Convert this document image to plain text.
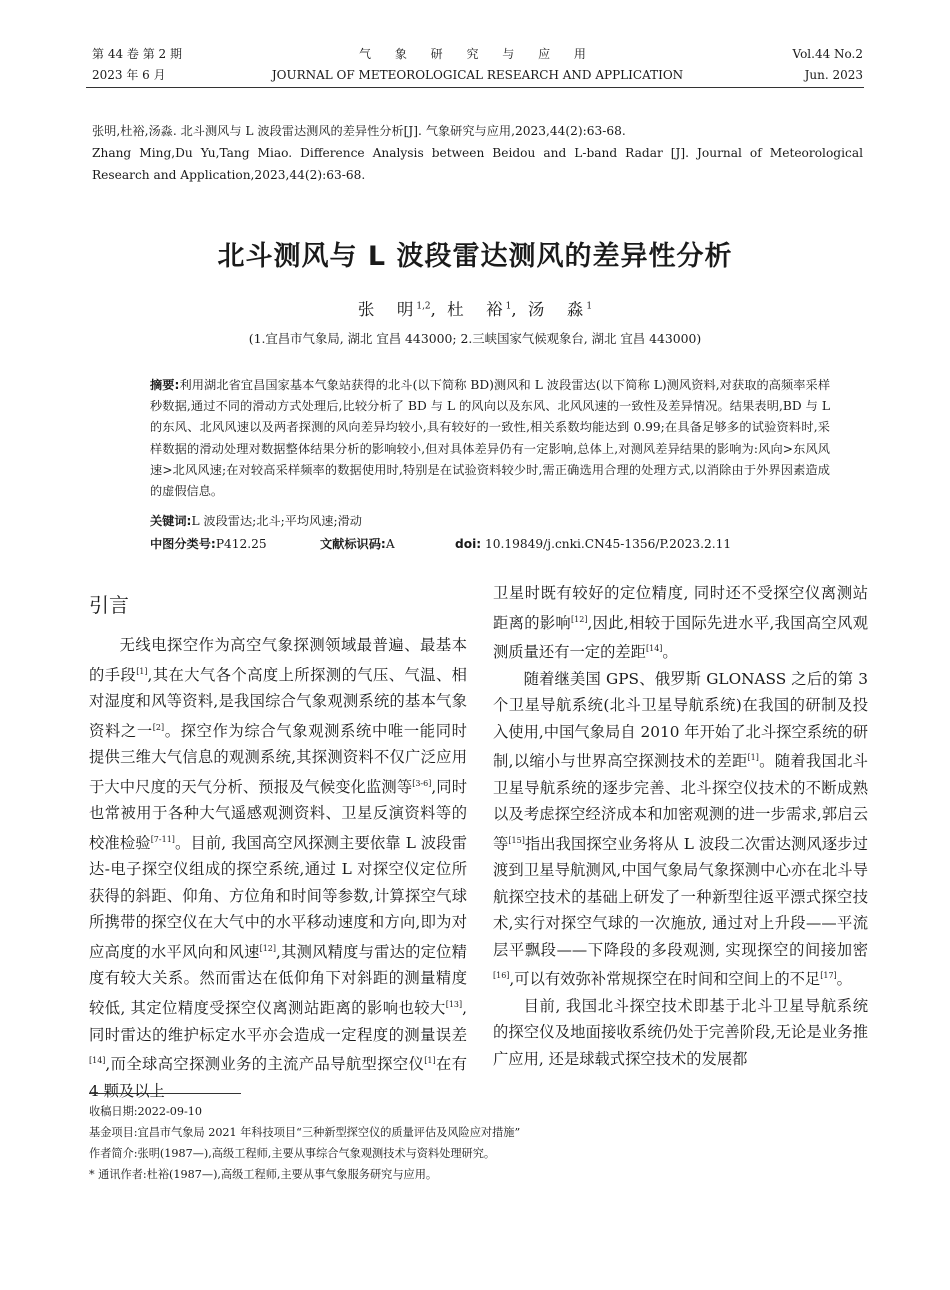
第 44 卷 第 2 期
2023 年 6 月
气 象 研 究 与 应 用
JOURNAL OF METEOROLOGICAL RESEARCH AND APPLICATION
Vol.44 No.2
Jun. 2023
张明,杜裕,汤淼. 北斗测风与 L 波段雷达测风的差异性分析[J]. 气象研究与应用,2023,44(2):63-68.
Zhang Ming,Du Yu,Tang Miao. Difference Analysis between Beidou and L-band Radar [J]. Journal of Meteorological Research and Application,2023,44(2):63-68.
北斗测风与 L 波段雷达测风的差异性分析
张　明$^{1,2}$, 杜　裕$^1$, 汤　淼$^1$
(1.宜昌市气象局, 湖北 宜昌 443000; 2.三峡国家气候观象台, 湖北 宜昌 443000)
摘要:利用湖北省宜昌国家基本气象站获得的北斗(以下简称 BD)测风和 L 波段雷达(以下简称 L)测风资料,对获取的高频率采样秒数据,通过不同的滑动方式处理后,比较分析了 BD 与 L 的风向以及东风、北风风速的一致性及差异情况。结果表明,BD 与 L 的东风、北风风速以及两者探测的风向差异均较小,具有较好的一致性,相关系数均能达到 0.99;在具备足够多的试验资料时,采样数据的滑动处理对数据整体结果分析的影响较小,但对具体差异仍有一定影响,总体上,对测风差异结果的影响为:风向>东风风速>北风风速;在对较高采样频率的数据使用时,特别是在试验资料较少时,需正确选用合理的处理方式,以消除由于外界因素造成的虚假信息。
关键词:L 波段雷达;北斗;平均风速;滑动
中图分类号:P412.25	文献标识码:A	doi: 10.19849/j.cnki.CN45-1356/P.2023.2.11
引言

无线电探空作为高空气象探测领域最普遍、最基本的手段[1],其在大气各个高度上所探测的气压、气温、相对湿度和风等资料,是我国综合气象观测系统的基本气象资料之一[2]。探空作为综合气象观测系统中唯一能同时提供三维大气信息的观测系统,其探测资料不仅广泛应用于大中尺度的天气分析、预报及气候变化监测等[3-6],同时也常被用于各种大气遥感观测资料、卫星反演资料等的校准检验[7-11]。目前, 我国高空风探测主要依靠 L 波段雷达-电子探空仪组成的探空系统,通过 L 对探空仪定位所获得的斜距、仰角、方位角和时间等参数,计算探空气球所携带的探空仪在大气中的水平移动速度和方向,即为对应高度的水平风向和风速[12],其测风精度与雷达的定位精度有较大关系。然而雷达在低仰角下对斜距的测量精度较低, 其定位精度受探空仪离测站距离的影响也较大[13],同时雷达的维护标定水平亦会造成一定程度的测量误差[14],而全球高空探测业务的主流产品导航型探空仪[1]在有 4 颗及以上

卫星时既有较好的定位精度, 同时还不受探空仪离测站距离的影响[12],因此,相较于国际先进水平,我国高空风观测质量还有一定的差距[14]。

随着继美国 GPS、俄罗斯 GLONASS 之后的第 3 个卫星导航系统(北斗卫星导航系统)在我国的研制及投入使用,中国气象局自 2010 年开始了北斗探空系统的研制,以缩小与世界高空探测技术的差距[1]。随着我国北斗卫星导航系统的逐步完善、北斗探空仪技术的不断成熟以及考虑探空经济成本和加密观测的进一步需求,郭启云等[15]指出我国探空业务将从 L 波段二次雷达测风逐步过渡到卫星导航测风,中国气象局气象探测中心亦在北斗导航探空技术的基础上研发了一种新型往返平漂式探空技术,实行对探空气球的一次施放, 通过对上升段——平流层平飘段——下降段的多段观测, 实现探空的间接加密[16],可以有效弥补常规探空在时间和空间上的不足[17]。

目前, 我国北斗探空技术即基于北斗卫星导航系统的探空仪及地面接收系统仍处于完善阶段,无论是业务推广应用, 还是球载式探空技术的发展都

收稿日期:2022-09-10
基金项目:宜昌市气象局 2021 年科技项目“三种新型探空仪的质量评估及风险应对措施”
作者简介:张明(1987—),高级工程师,主要从事综合气象观测技术与资料处理研究。
* 通讯作者:杜裕(1987—),高级工程师,主要从事气象服务研究与应用。
